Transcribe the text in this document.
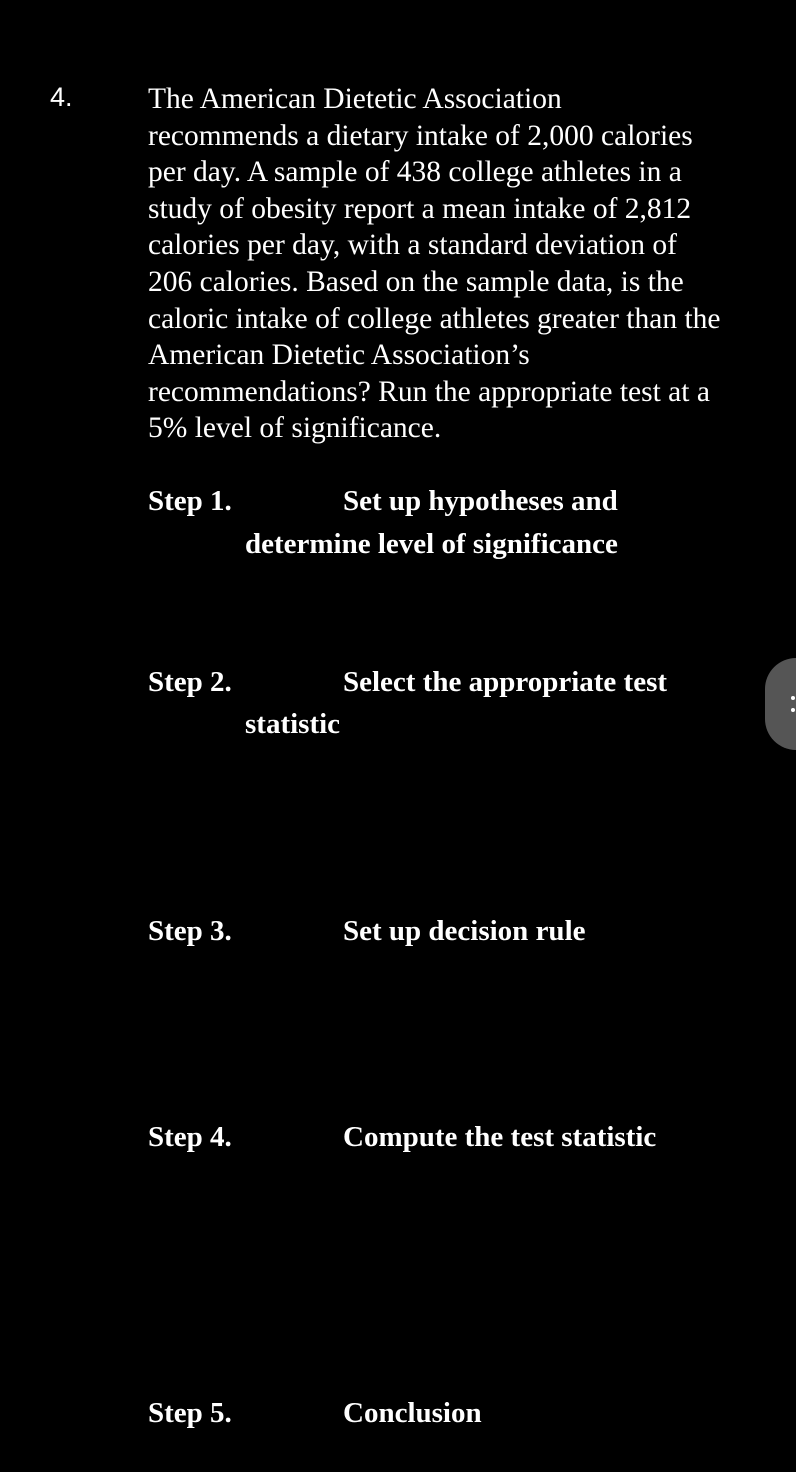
4.	The American Dietetic Association
recommends a dietary intake of 2,000 calories
per day. A sample of 438 college athletes in a
study of obesity report a mean intake of 2,812
calories per day, with a standard deviation of
206 calories. Based on the sample data, is the
caloric intake of college athletes greater than the
American Dietetic Association’s
recommendations? Run the appropriate test at a
5% level of significance.

Step 1.	Set up hypotheses and
determine level of significance
Step 2.	Select the appropriate test
statistic
Step 3.	Set up decision rule
Step 4.	Compute the test statistic
Step 5.	Conclusion
